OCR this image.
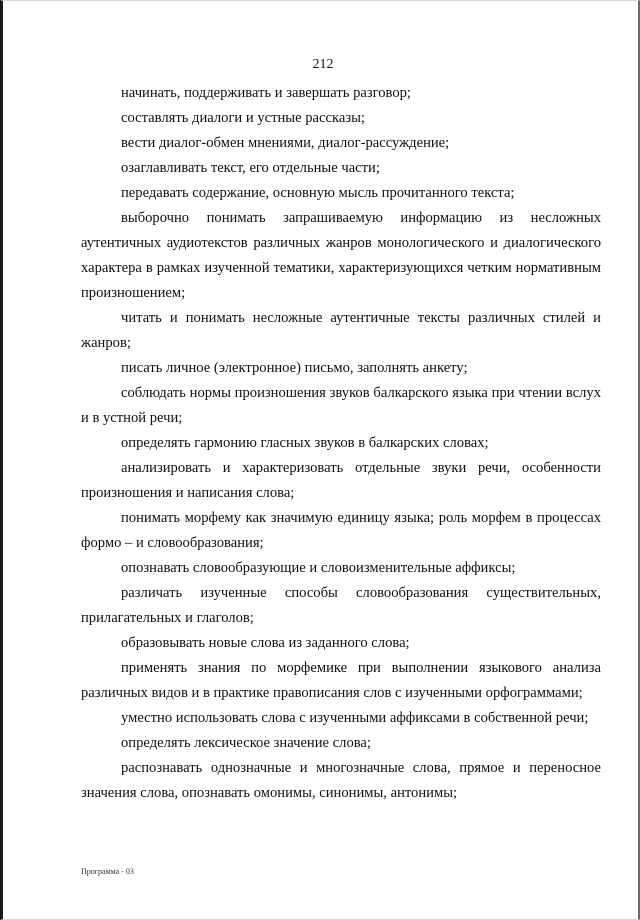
212

начинать, поддерживать и завершать разговор;

составлять диалоги и устные рассказы;

вести диалог-обмен мнениями, диалог-рассуждение;

озаглавливать текст, его отдельные части;

передавать содержание, основную мысль прочитанного текста;

выборочно понимать запрашиваемую информацию из несложных аутентичных аудиотекстов различных жанров монологического и диалогического характера в рамках изученной тематики, характеризующихся четким нормативным произношением;

читать и понимать несложные аутентичные тексты различных стилей и жанров;

писать личное (электронное) письмо, заполнять анкету;

соблюдать нормы произношения звуков балкарского языка при чтении вслух и в устной речи;

определять гармонию гласных звуков в балкарских словах;

анализировать и характеризовать отдельные звуки речи, особенности произношения и написания слова;

понимать морфему как значимую единицу языка; роль морфем в процессах формо – и словообразования;

опознавать словообразующие и словоизменительные аффиксы;

различать изученные способы словообразования существительных, прилагательных и глаголов;

образовывать новые слова из заданного слова;

применять знания по морфемике при выполнении языкового анализа различных видов и в практике правописания слов с изученными орфограммами;

уместно использовать слова с изученными аффиксами в собственной речи;

определять лексическое значение слова;

распознавать однозначные и многозначные слова, прямое и переносное значения слова, опознавать омонимы, синонимы, антонимы;

Программа - 03
